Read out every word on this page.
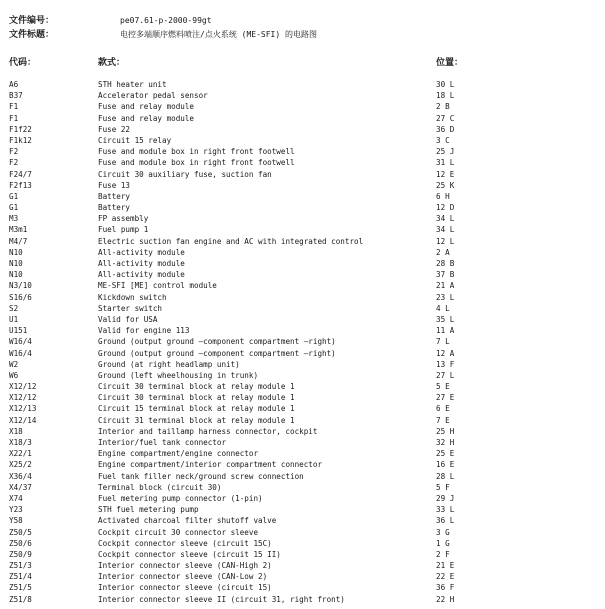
文件编号：	pe07.61-p-2000-99gt
文件标题：	电控多端顺序燃料喷注/点火系统 (ME-SFI) 的电路图
代码：	款式：	位置：
A6	STH heater unit	30 L
B37	Accelerator pedal sensor	18 L
F1	Fuse and relay module	2 B
F1	Fuse and relay module	27 C
F1f22	Fuse 22	36 D
F1k12	Circuit 15 relay	3 C
F2	Fuse and module box in right front footwell	25 J
F2	Fuse and module box in right front footwell	31 L
F24/7	Circuit 30 auxiliary fuse, suction fan	12 E
F2f13	Fuse 13	25 K
G1	Battery	6 H
G1	Battery	12 D
M3	FP assembly	34 L
M3m1	Fuel pump 1	34 L
M4/7	Electric suction fan engine and AC with integrated control	12 L
N10	All-activity module	2 A
N10	All-activity module	28 B
N10	All-activity module	37 B
N3/10	ME-SFI [ME] control module	21 A
S16/6	Kickdown switch	23 L
S2	Starter switch	4 L
U1	Valid for USA	35 L
U151	Valid for engine 113	11 A
W16/4	Ground (output ground —component compartment —right)	7 L
W16/4	Ground (output ground —component compartment —right)	12 A
W2	Ground (at right headlamp unit)	13 F
W6	Ground (left wheelhousing in trunk)	27 L
X12/12	Circuit 30 terminal block at relay module 1	5 E
X12/12	Circuit 30 terminal block at relay module 1	27 E
X12/13	Circuit 15 terminal block at relay module 1	6 E
X12/14	Circuit 31 terminal block at relay module 1	7 E
X18	Interior and taillamp harness connector, cockpit	25 H
X18/3	Interior/fuel tank connector	32 H
X22/1	Engine compartment/engine connector	25 E
X25/2	Engine compartment/interior compartment connector	16 E
X36/4	Fuel tank filler neck/ground screw connection	28 L
X4/37	Terminal block (circuit 30)	5 F
X74	Fuel metering pump connector (1-pin)	29 J
Y23	STH fuel metering pump	33 L
Y58	Activated charcoal filter shutoff valve	36 L
Z50/5	Cockpit circuit 30 connector sleeve	3 G
Z50/6	Cockpit connector sleeve (circuit 15C)	1 G
Z50/9	Cockpit connector sleeve (circuit 15 II)	2 F
Z51/3	Interior connector sleeve (CAN-High 2)	21 E
Z51/4	Interior connector sleeve (CAN-Low 2)	22 E
Z51/5	Interior connector sleeve (circuit 15)	36 F
Z51/8	Interior connector sleeve II (circuit 31, right front)	22 H
